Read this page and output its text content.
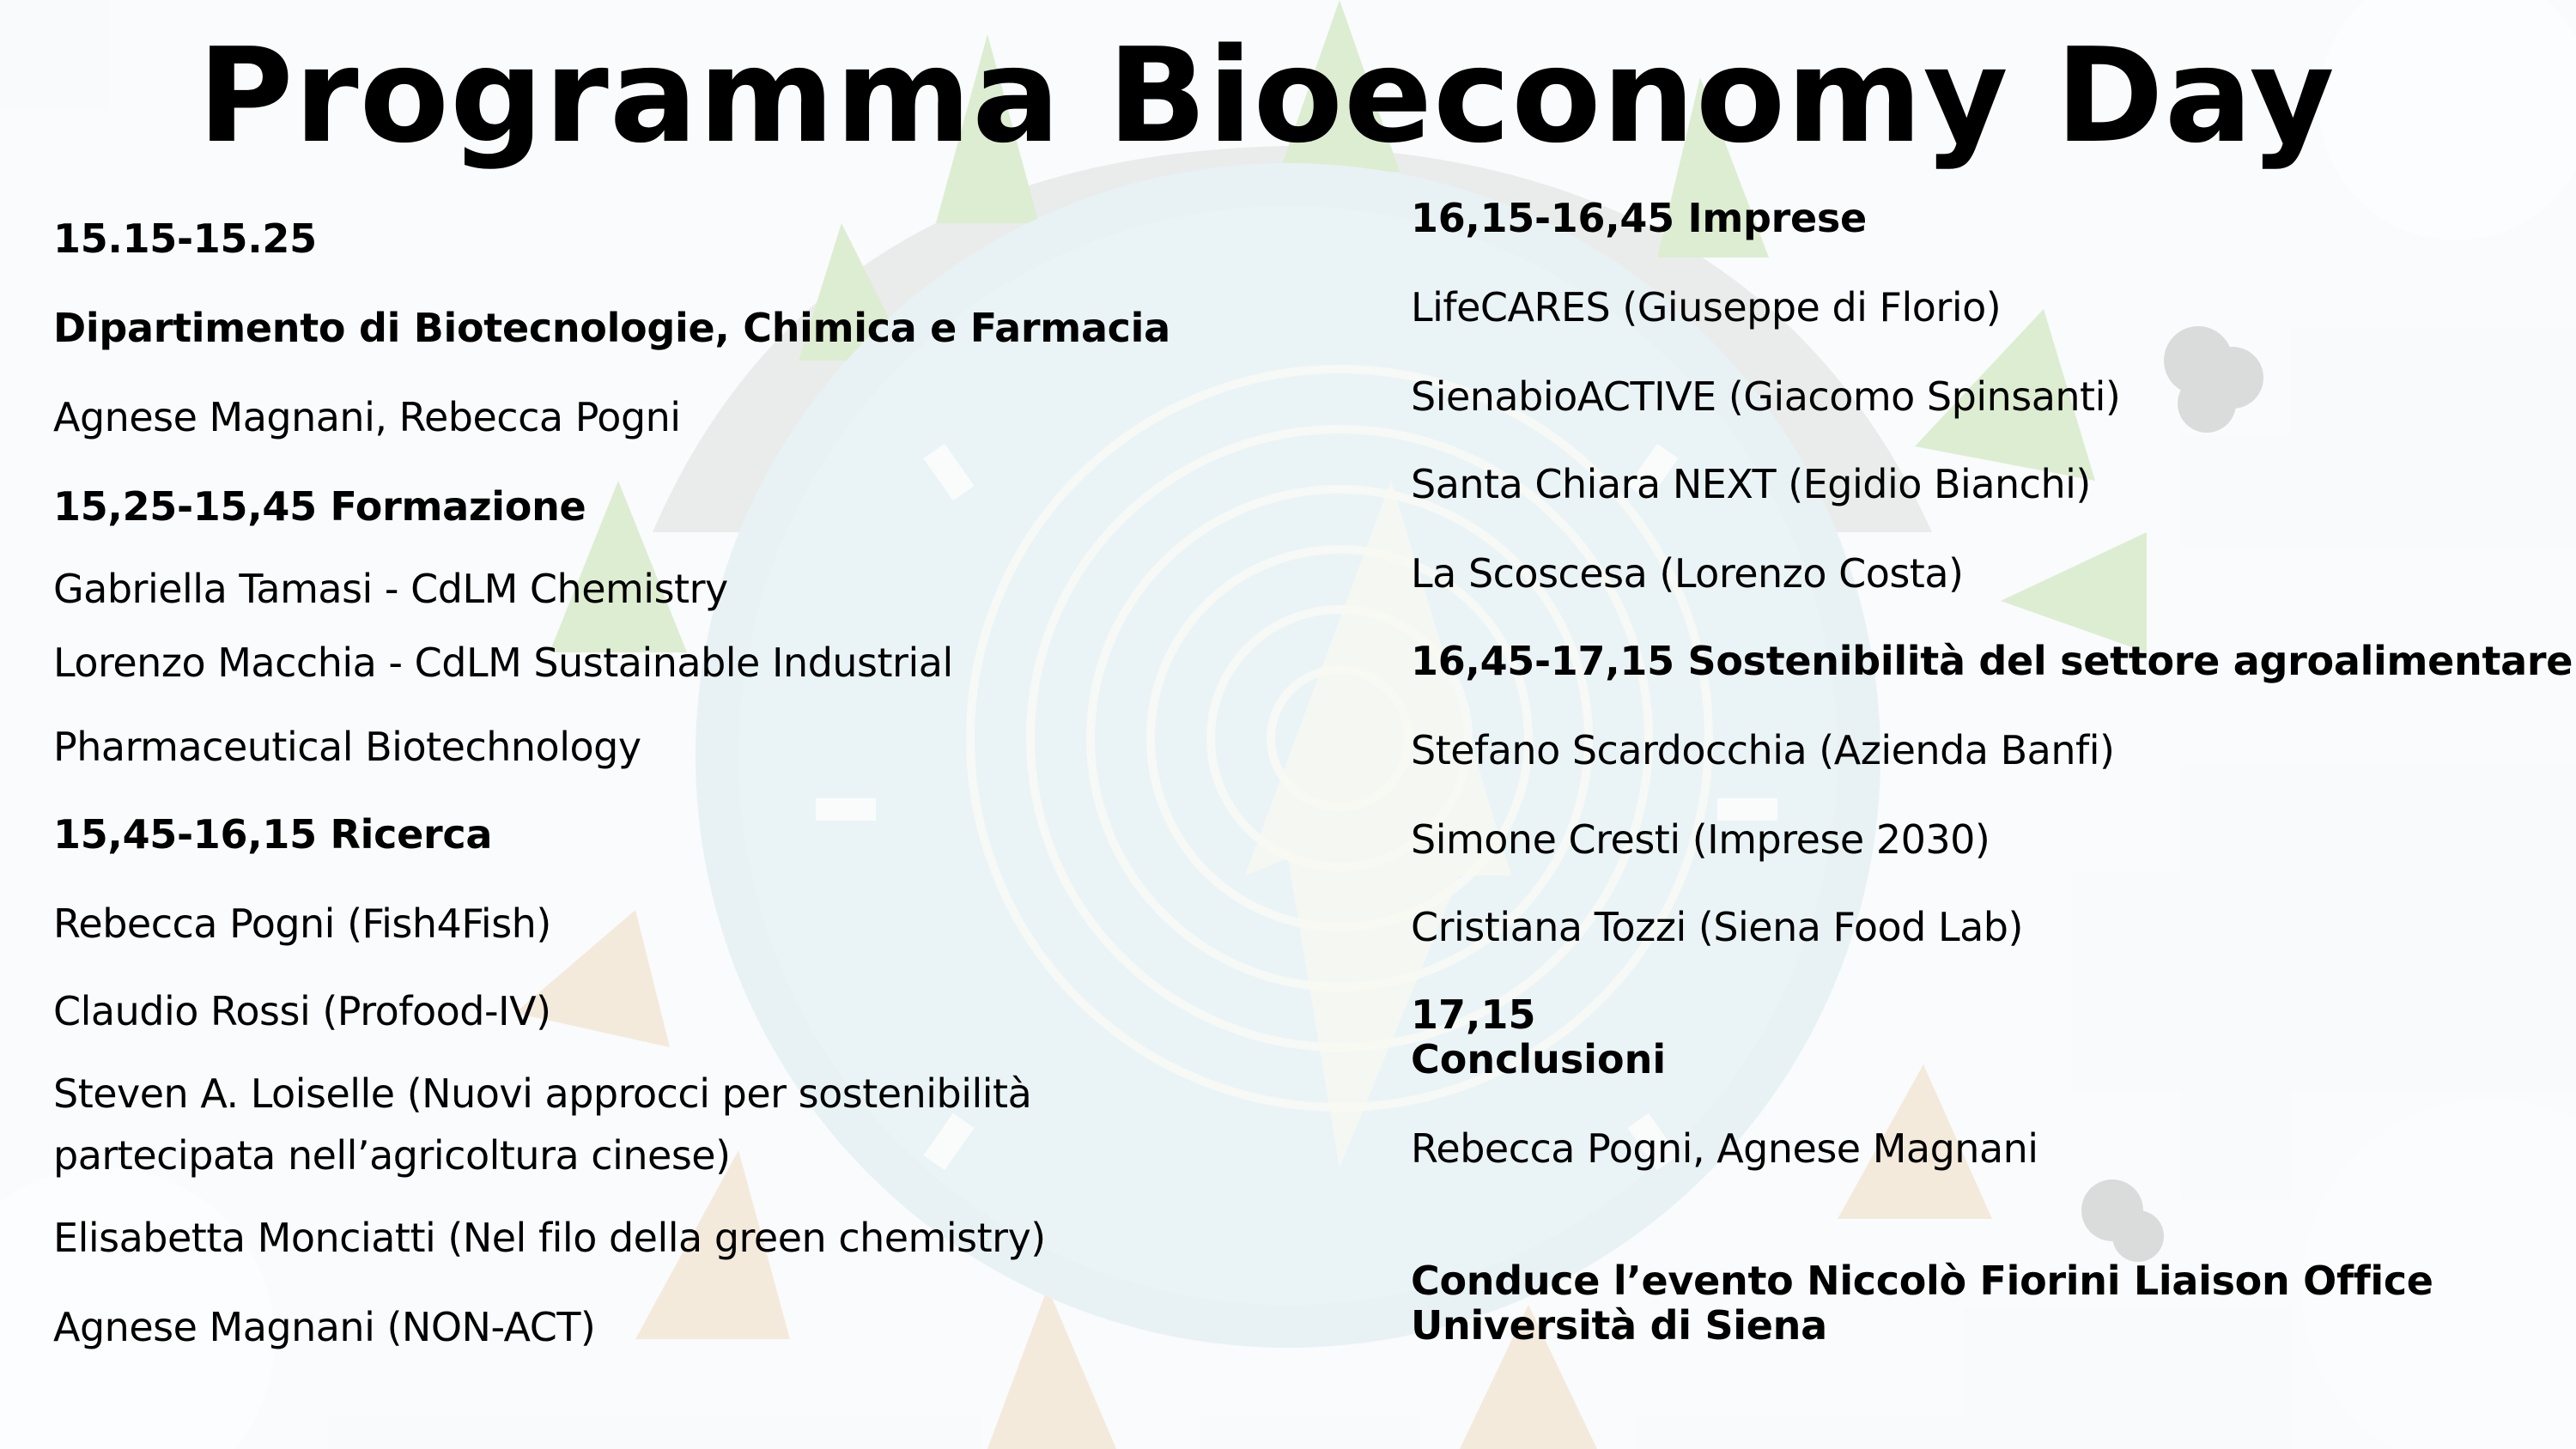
Programma Bioeconomy Day
15.15-15.25
Dipartimento di Biotecnologie, Chimica e Farmacia
Agnese Magnani, Rebecca Pogni
15,25-15,45 Formazione
Gabriella Tamasi - CdLM Chemistry
Lorenzo Macchia - CdLM Sustainable Industrial
Pharmaceutical Biotechnology
15,45-16,15 Ricerca
Rebecca Pogni (Fish4Fish)
Claudio Rossi (Profood-IV)
Steven A. Loiselle (Nuovi approcci per sostenibilità partecipata nell’agricoltura cinese)
Elisabetta Monciatti (Nel filo della green chemistry)
Agnese Magnani (NON-ACT)
16,15-16,45 Imprese
LifeCARES (Giuseppe di Florio)
SienabioACTIVE (Giacomo Spinsanti)
Santa Chiara NEXT (Egidio Bianchi)
La Scoscesa (Lorenzo Costa)
16,45-17,15 Sostenibilità del settore agroalimentare
Stefano Scardocchia (Azienda Banfi)
Simone Cresti (Imprese 2030)
Cristiana Tozzi (Siena Food Lab)
17,15
Conclusioni
Rebecca Pogni, Agnese Magnani
Conduce l’evento Niccolò Fiorini Liaison Office Università di Siena
